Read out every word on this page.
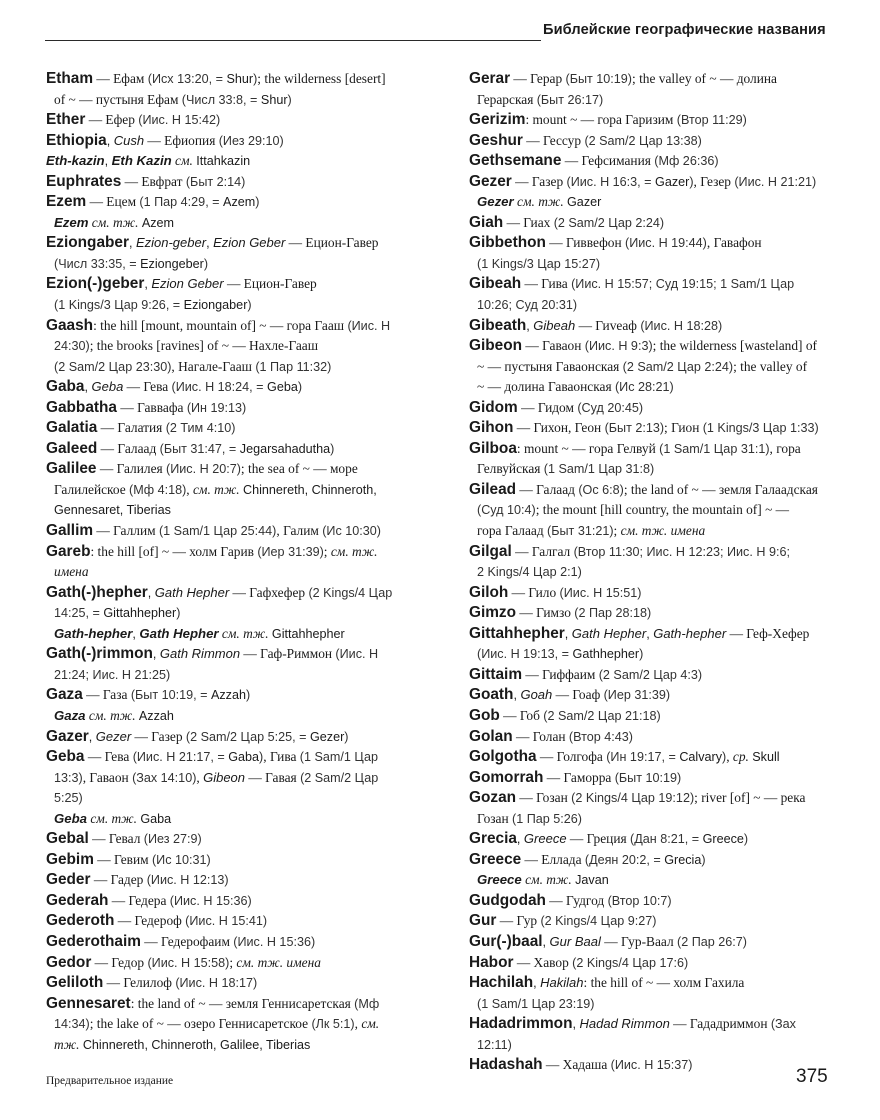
Библейские географические названия
Etham — Ефам (Исх 13:20, = Shur); the wilderness [desert]
of ~ — пустыня Ефам (Числ 33:8, = Shur)
Ether — Ефер (Иис. Н 15:42)
Ethiopia, Cush — Ефиопия (Иез 29:10)
Eth-kazin, Eth Kazin см. Ittahkazin
Euphrates — Евфрат (Быт 2:14)
Ezem — Ецем (1 Пар 4:29, = Azem)
Ezem см. тж. Azem
Eziongaber, Ezion-geber, Ezion Geber — Ецион-Гавер
(Числ 33:35, = Eziongeber)
Ezion(-)geber, Ezion Geber — Ецион-Гавер
(1 Kings/3 Цар 9:26, = Eziongaber)
Gaash: the hill [mount, mountain of] ~ — гора Гааш (Иис. Н
24:30); the brooks [ravines] of ~ — Нахле-Гааш
(2 Sam/2 Цар 23:30), Нагале-Гааш (1 Пар 11:32)
Gaba, Geba — Гева (Иис. Н 18:24, = Geba)
Gabbatha — Гаввафа (Ин 19:13)
Galatia — Галатия (2 Тим 4:10)
Galeed — Галаад (Быт 31:47, = Jegarsahadutha)
Galilee — Галилея (Иис. Н 20:7); the sea of ~ — море
Галилейское (Мф 4:18), см. тж. Chinnereth, Chinneroth,
Gennesaret, Tiberias
Gallim — Галлим (1 Sam/1 Цар 25:44), Галим (Ис 10:30)
Gareb: the hill [of] ~ — холм Гарив (Иер 31:39); см. тж.
имена
Gath(-)hepher, Gath Hepher — Гафхефер (2 Kings/4 Цар
14:25, = Gittahhepher)
Gath-hepher, Gath Hepher см. тж. Gittahhepher
Gath(-)rimmon, Gath Rimmon — Гаф-Риммон (Иис. Н
21:24; Иис. Н 21:25)
Gaza — Газа (Быт 10:19, = Azzah)
Gaza см. тж. Azzah
Gazer, Gezer — Газер (2 Sam/2 Цар 5:25, = Gezer)
Geba — Гева (Иис. Н 21:17, = Gaba), Гива (1 Sam/1 Цар
13:3), Гаваон (Зах 14:10), Gibeon — Гавая (2 Sam/2 Цар
5:25)
Geba см. тж. Gaba
Gebal — Гевал (Иез 27:9)
Gebim — Гевим (Ис 10:31)
Geder — Гадер (Иис. Н 12:13)
Gederah — Гедера (Иис. Н 15:36)
Gederoth — Гедероф (Иис. Н 15:41)
Gederothaim — Гедерофаим (Иис. Н 15:36)
Gedor — Гедор (Иис. Н 15:58); см. тж. имена
Geliloth — Гелилоф (Иис. Н 18:17)
Gennesaret: the land of ~ — земля Геннисаретская (Мф
14:34); the lake of ~ — озеро Геннисаретское (Лк 5:1), см.
тж. Chinnereth, Chinneroth, Galilee, Tiberias
Gerar — Герар (Быт 10:19); the valley of ~ — долина
Герарская (Быт 26:17)
Gerizim: mount ~ — гора Гаризим (Втор 11:29)
Geshur — Гессур (2 Sam/2 Цар 13:38)
Gethsemane — Гефсимания (Мф 26:36)
Gezer — Газер (Иис. Н 16:3, = Gazer), Гезер (Иис. Н 21:21)
Gezer см. тж. Gazer
Giah — Гиах (2 Sam/2 Цар 2:24)
Gibbethon — Гиввефон (Иис. Н 19:44), Гавафон
(1 Kings/3 Цар 15:27)
Gibeah — Гива (Иис. Н 15:57; Суд 19:15; 1 Sam/1 Цар
10:26; Суд 20:31)
Gibeath, Gibeah — Гиveaф (Иис. Н 18:28)
Gibeon — Гаваон (Иис. Н 9:3); the wilderness [wasteland] of
~ — пустыня Гаваонская (2 Sam/2 Цар 2:24); the valley of
~ — долина Гаваонская (Ис 28:21)
Gidom — Гидом (Суд 20:45)
Gihon — Гихон, Геон (Быт 2:13); Гион (1 Kings/3 Цар 1:33)
Gilboa: mount ~ — гора Гелвуй (1 Sam/1 Цар 31:1), гора
Гелвуйская (1 Sam/1 Цар 31:8)
Gilead — Галаад (Ос 6:8); the land of ~ — земля Галаадская
(Суд 10:4); the mount [hill country, the mountain of] ~ —
гора Галаад (Быт 31:21); см. тж. имена
Gilgal — Галгал (Втор 11:30; Иис. Н 12:23; Иис. Н 9:6;
2 Kings/4 Цар 2:1)
Giloh — Гило (Иис. Н 15:51)
Gimzo — Гимзо (2 Пар 28:18)
Gittahhepher, Gath Hepher, Gath-hepher — Геф-Хефер
(Иис. Н 19:13, = Gathhepher)
Gittaim — Гиффаим (2 Sam/2 Цар 4:3)
Goath, Goah — Гоаф (Иер 31:39)
Gob — Гоб (2 Sam/2 Цар 21:18)
Golan — Голан (Втор 4:43)
Golgotha — Голгофа (Ин 19:17, = Calvary), ср. Skull
Gomorrah — Гаморра (Быт 10:19)
Gozan — Гозан (2 Kings/4 Цар 19:12); river [of] ~ — река
Гозан (1 Пар 5:26)
Grecia, Greece — Греция (Дан 8:21, = Greece)
Greece — Еллада (Деян 20:2, = Grecia)
Greece см. тж. Javan
Gudgodah — Гудгод (Втор 10:7)
Gur — Гур (2 Kings/4 Цар 9:27)
Gur(-)baal, Gur Baal — Гур-Ваал (2 Пар 26:7)
Habor — Хавор (2 Kings/4 Цар 17:6)
Hachilah, Hakilah: the hill of ~ — холм Гахила
(1 Sam/1 Цар 23:19)
Hadadrimmon, Hadad Rimmon — Гададриммон (Зах
12:11)
Hadashah — Хадаша (Иис. Н 15:37)
Предварительное издание	375
